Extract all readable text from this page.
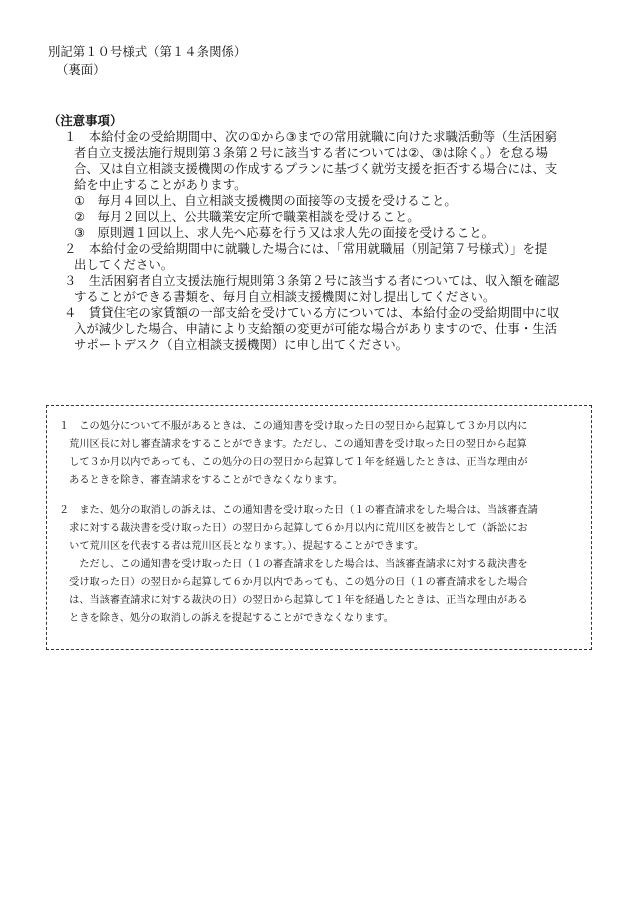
別記第１０号様式（第１４条関係）
（裏面）
（注意事項）
１　本給付金の受給期間中、次の①から③までの常用就職に向けた求職活動等（生活困窮
者自立支援法施行規則第３条第２号に該当する者については②、③は除く。）を怠る場
合、又は自立相談支援機関の作成するプランに基づく就労支援を拒否する場合には、支
給を中止することがあります。
①　毎月４回以上、自立相談支援機関の面接等の支援を受けること。
②　毎月２回以上、公共職業安定所で職業相談を受けること。
③　原則週１回以上、求人先へ応募を行う又は求人先の面接を受けること。
２　本給付金の受給期間中に就職した場合には、「常用就職届（別記第７号様式）」を提
出してください。
３　生活困窮者自立支援法施行規則第３条第２号に該当する者については、収入額を確認
することができる書類を、毎月自立相談支援機関に対し提出してください。
４　賃貸住宅の家賃額の一部支給を受けている方については、本給付金の受給期間中に収
入が減少した場合、申請により支給額の変更が可能な場合がありますので、仕事・生活
サポートデスク（自立相談支援機関）に申し出てください。
１　この処分について不服があるときは、この通知書を受け取った日の翌日から起算して３か月以内に
　荒川区長に対し審査請求をすることができます。ただし、この通知書を受け取った日の翌日から起算
　して３か月以内であっても、この処分の日の翌日から起算して１年を経過したときは、正当な理由が
　あるときを除き、審査請求をすることができなくなります。
２　また、処分の取消しの訴えは、この通知書を受け取った日（１の審査請求をした場合は、当該審査請
　求に対する裁決書を受け取った日）の翌日から起算して６か月以内に荒川区を被告として（訴訟にお
　いて荒川区を代表する者は荒川区長となります。）、提起することができます。
　　ただし、この通知書を受け取った日（１の審査請求をした場合は、当該審査請求に対する裁決書を
　受け取った日）の翌日から起算して６か月以内であっても、この処分の日（１の審査請求をした場合
　は、当該審査請求に対する裁決の日）の翌日から起算して１年を経過したときは、正当な理由がある
　ときを除き、処分の取消しの訴えを提起することができなくなります。
